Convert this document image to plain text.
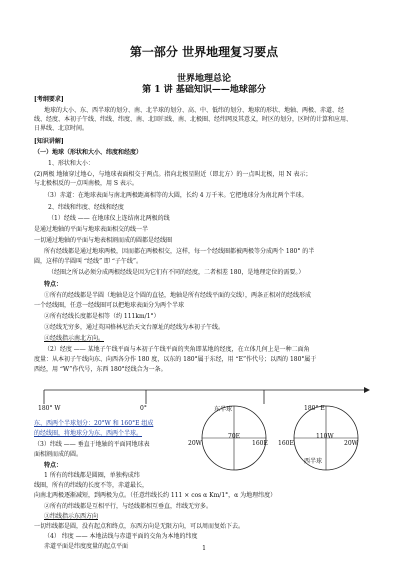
第一部分 世界地理复习要点
世界地理总论
第 1 讲 基础知识——地球部分
[考纲要求]
地球的大小、东、西半球的划分、南、北半球的划分、高、中、低纬的划分、地球的形状、地轴、两极、赤道、经
线、经度、本初子午线、纬线、纬度、南、北回归线、南、北极圈、经纬网及其意义，时区的划分，区时的计算和应用、
日界线、北京时间。
[知识讲解]
（一）地球（形状和大小、纬度和经度）
1、形状和大小：
(2)两极 地轴穿过地心，与地球表面相交于两点。指向北极星附近（即北方）的一点叫北极，用 N 表示；
与北极相反的一点叫南极，用 S 表示。
（3）赤道：在地球表面与南北两极距离相等的大圆，长约 4 万千米。它把地球分为南北两个半球。
2、纬线和纬度、经线和经度
（1）经线 —— 在地球仪上连结南北两极的线
是通过地轴的平面与地球表面相交的线一半
一切通过地轴的平面与地表相割而成的圆都是经线圈
所有经线都是通过地球两极，因而都在两极相交，这样，每一个经线圈都被两极等分成两个 180° 的半
圆，这样的半圆叫 “经线” 即 “子午线”。
（经圈之所以必须分成两根经线是因为它们有不同的经度，二者相差 180，是地理定位的需要。）
特点：
①所有的经线都是半圆（地轴是这个圆的直径，地轴是所有经线平面的交线），两条正相对的经线形成
一个经线圈，任意一经线圈可以把地球表面分为两个半球
②所有经线长度都是相等（约 111km/1°）
③经线无穷多，通过英国格林尼治天文台原址的经线为本初子午线。
④经线指示南北方向。
（2）经度 —— 某地子午线平面与本初子午线平面的夹角即某地的经度，在立体几何上是一种二面角
度量：从本初子午线向东、向西各分作 180 度，以东的 180°属于东经，用 “E”作代号；以西的 180°属于
西经，用 “W”作代号，东西 180°经线合为一条。
180° W	0°	180° E
东、西两个半球划分：20°W 和 160°E 组成
的经线圈，将地球分为东、西两个半球。
（3）纬线 —— 垂直于地轴的平面同地球表
面相割而成的圆。
特点：
1 所有的纬线都是圆圈，单独构成纬
线圈，所有的纬线的长度不等，赤道最长，
向南北两极逐渐减短，到两极为点。（任意纬线长约 111 × cos α Km/1°，α 为地理纬度）
②所有的纬线都是互相平行，与经线都相互垂直，纬线无穷多。
③纬线指示东西方向
一切纬线都是圆，没有起点和终点，东西方向是无限方向，可以周而复始下去。
（4） 纬度 —— 本地法线与赤道平面的交角为本地的纬度
赤道平面是纬度度量的起点平面
东半球
西半球
20W
70E
160E 160E
110W
20W
1
